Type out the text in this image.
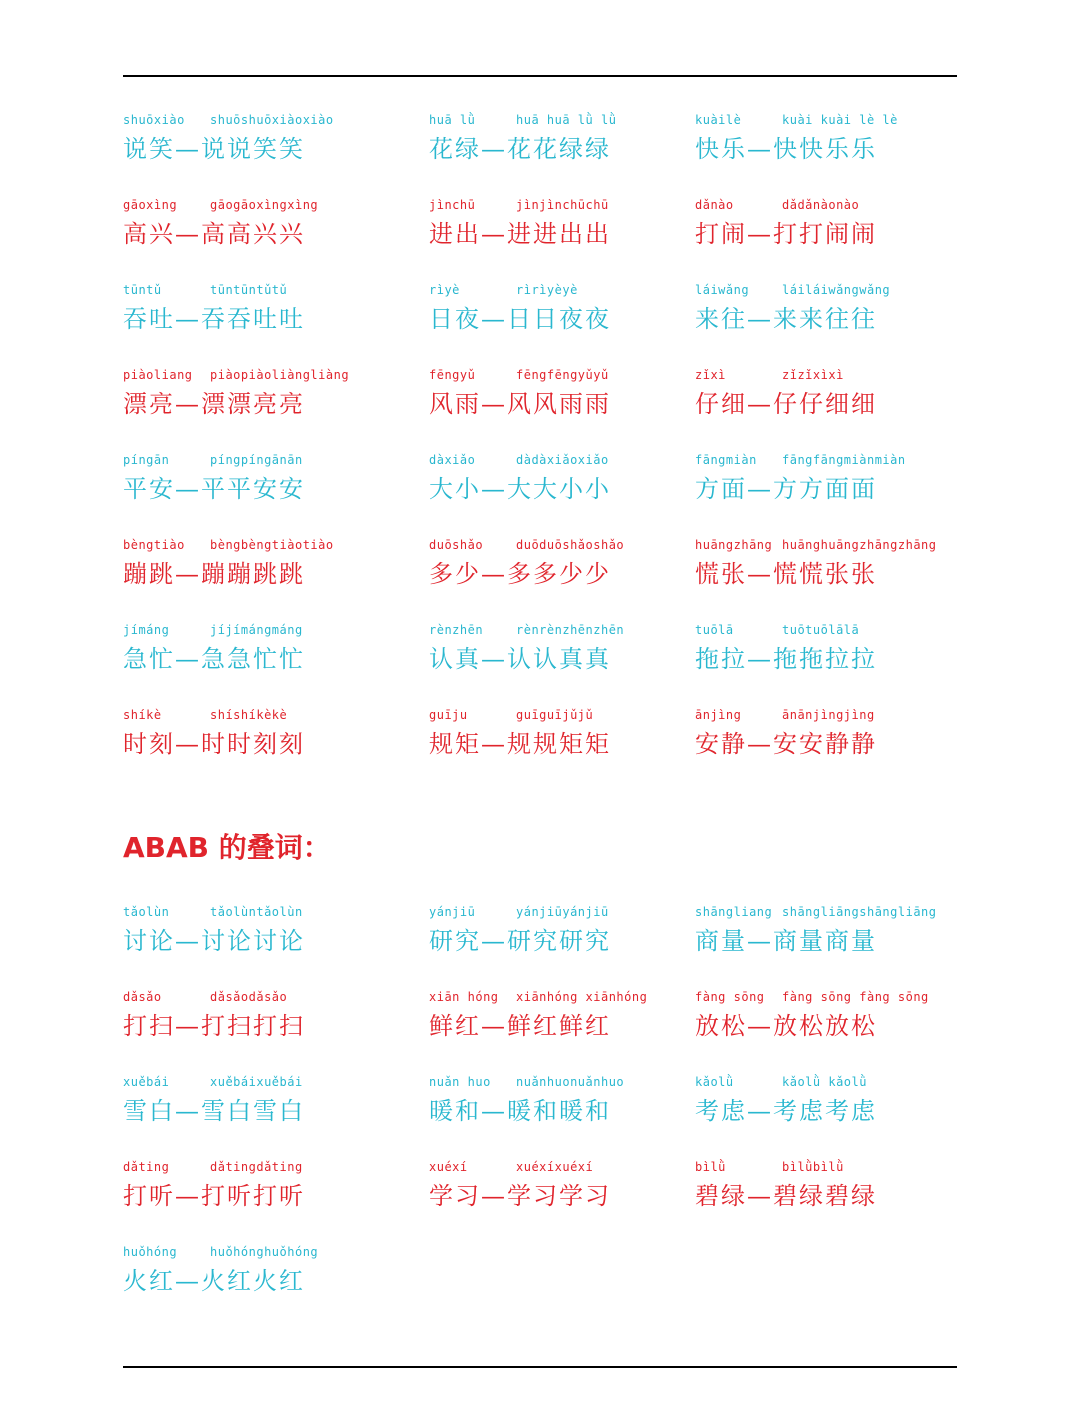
shuōxiào shuōshuōxiàoxiào
说笑—说说笑笑
huā lǜ	huā huā lǜ lǜ
花绿—花花绿绿
kuàilè	kuài kuài lè lè
快乐—快快乐乐
gāoxìng	gāogāoxìngxìng
高兴—高高兴兴
jìnchū	jìnjìnchūchū
进出—进进出出
dǎnào	dǎdǎnàonào
打闹—打打闹闹
tūntǔ	tūntūntǔtǔ
吞吐—吞吞吐吐
rìyè	rìrìyèyè
日夜—日日夜夜
láiwǎng	láiláiwǎngwǎng
来往—来来往往
piàoliang piàopiàoliàngliàng
漂亮—漂漂亮亮
fēngyǔ	fēngfēngyǔyǔ
风雨—风风雨雨
zǐxì	zǐzǐxìxì
仔细—仔仔细细
píngān	píngpíngānān
平安—平平安安
dàxiǎo	dàdàxiǎoxiǎo
大小—大大小小
fāngmiàn fāngfāngmiànmiàn
方面—方方面面
bèngtiào bèngbèngtiàotiào
蹦跳—蹦蹦跳跳
duōshǎo	duōduōshǎoshǎo
多少—多多少少
huāngzhāng huānghuāngzhāngzhāng
慌张—慌慌张张
jímáng	jíjímángmáng
急忙—急急忙忙
rènzhēn	rènrènzhēnzhēn
认真—认认真真
tuōlā	tuōtuōlālā
拖拉—拖拖拉拉
shíkè	shíshíkèkè
时刻—时时刻刻
guīju	guīguījǔjǔ
规矩—规规矩矩
ānjìng	ānānjìngjìng
安静—安安静静
ABAB 的叠词：
tǎolùn	tǎolùntǎolùn
讨论—讨论讨论
yánjiū	yánjiūyánjiū
研究—研究研究
shāngliang shāngliāngshāngliāng
商量—商量商量
dǎsǎo	dǎsǎodǎsǎo
打扫—打扫打扫
xiān hóng xiānhóng xiānhóng
鲜红—鲜红鲜红
fàng sōng fàng sōng fàng sōng
放松—放松放松
xuěbái	xuěbáixuěbái
雪白—雪白雪白
nuǎn huo nuǎnhuonuǎnhuo
暖和—暖和暖和
kǎolǜ	kǎolǜ kǎolǜ
考虑—考虑考虑
dǎting	dǎtingdǎting
打听—打听打听
xuéxí	xuéxíxuéxí
学习—学习学习
bìlǜ	bìlǜbìlǜ
碧绿—碧绿碧绿
huǒhóng	huǒhónghuǒhóng
火红—火红火红
